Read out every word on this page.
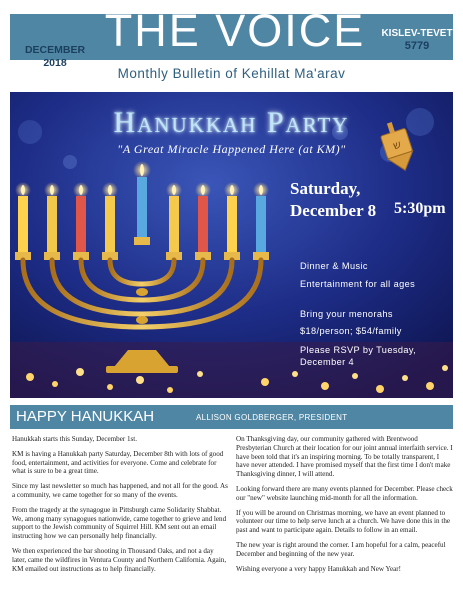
THE VOICE
DECEMBER
2018
KISLEV-TEVET
5779
Monthly Bulletin of Kehillat Ma'arav
ש
Hanukkah Party
"A Great Miracle Happened Here (at KM)"
Saturday,
December 8	5:30pm
Dinner & Music
Entertainment for all ages
Bring your menorahs
$18/person; $54/family
Please RSVP by Tuesday, December 4
HAPPY HANUKKAH	ALLISON GOLDBERGER, PRESIDENT

Hanukkah starts this Sunday, December 1st.

KM is having a Hanukkah party Saturday, December 8th with lots of good food, entertainment, and activities for everyone. Come and celebrate for what is sure to be a great time.

Since my last newsletter so much has happened, and not all for the good. As a community, we came together for so many of the events.

From the tragedy at the synagogue in Pittsburgh came Solidarity Shabbat. We, among many synagogues nationwide, came together to grieve and lend support to the Jewish community of Squirrel Hill. KM sent out an email instructing how we can personally help financially.

We then experienced the bar shooting in Thousand Oaks, and not a day later, came the wildfires in Ventura County and Northern California. Again, KM emailed out instructions as to help financially.

On Thanksgiving day, our community gathered with Brentwood Presbyterian Church at their location for our joint annual interfaith service. I have been told that it's an inspiring morning. To be totally transparent, I have never attended. I have promised myself that the first time I don't make Thanksgiving dinner, I will attend.

Looking forward there are many events planned for December. Please check our "new" website launching mid-month for all the information.

If you will be around on Christmas morning, we have an event planned to volunteer our time to help serve lunch at a church. We have done this in the past and want to participate again. Details to follow in an email.

The new year is right around the corner. I am hopeful for a calm, peaceful December and beginning of the new year.

Wishing everyone a very happy Hanukkah and New Year!
